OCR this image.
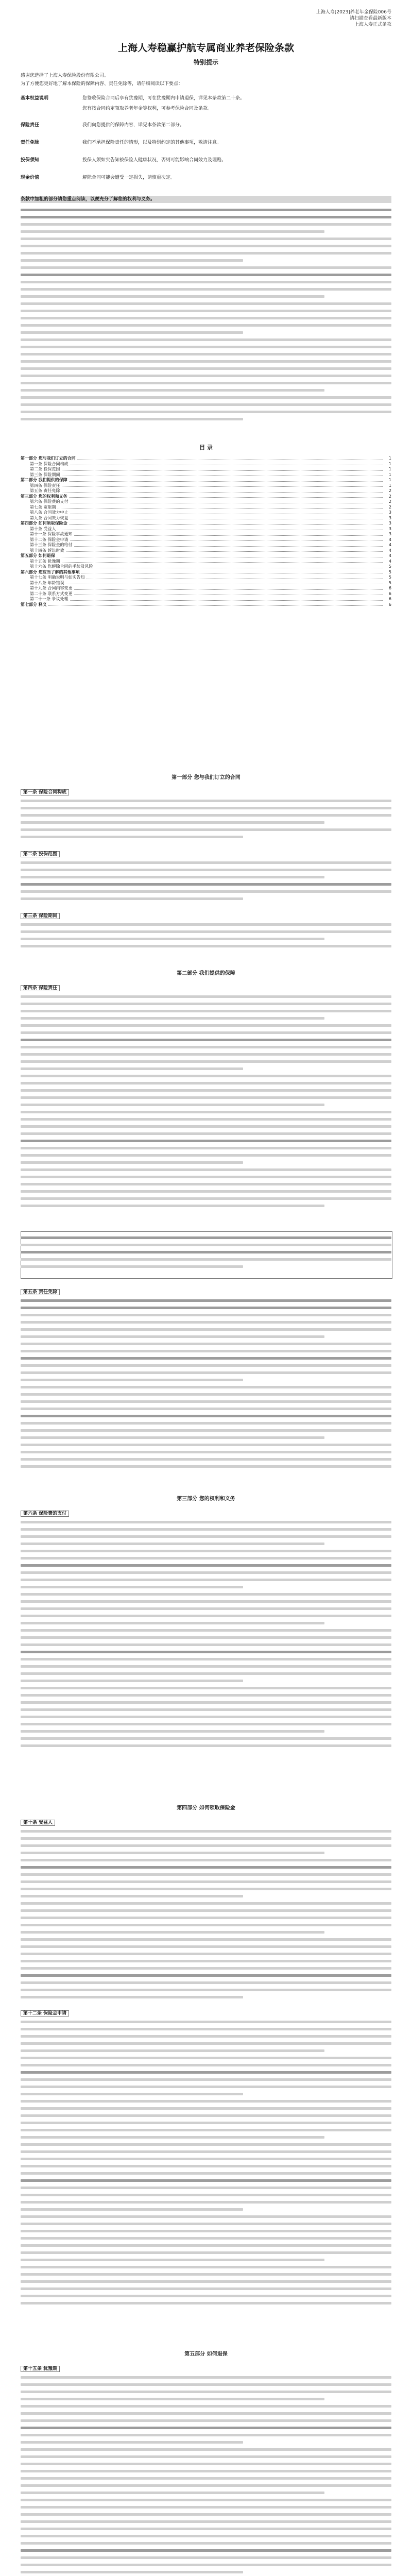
上海人寿[2023]养老年金保险006号
请扫描查看最新版本
上海人寿正式条款
上海人寿稳赢护航专属商业养老保险条款
特别提示
感谢您选择了上海人寿保险股份有限公司。
为了方便您更好地了解本保险的保障内容、责任免除等，请仔细阅读以下要点：
基本权益说明	您签收保险合同后享有犹豫期，可在犹豫期内申请退保，详见本条款第二十条。
您有按合同约定领取养老年金等权利，可参考保险合同及条款。
保险责任	我们向您提供的保障内容，详见本条款第二部分。
责任免除	我们不承担保险责任的情形，以及特别约定的其他事项，敬请注意。
投保须知	投保人须如实告知被保险人健康状况，否则可能影响合同效力及理赔。
现金价值	解除合同可能会遭受一定损失，请慎重决定。
条款中加粗的部分请您重点阅读，以便充分了解您的权利与义务。
目 录
第一部分 您与我们订立的合同	1
第一条 保险合同构成	1
第二条 投保范围	1
第三条 保险期间	1
第二部分 我们提供的保障	1
第四条 保险责任	1
第五条 责任免除	2
第三部分 您的权利和义务	2
第六条 保险费的支付	2
第七条 宽限期	2
第八条 合同效力中止	3
第九条 合同效力恢复	3
第四部分 如何领取保险金	3
第十条 受益人	3
第十一条 保险事故通知	3
第十二条 保险金申请	4
第十三条 保险金的给付	4
第十四条 诉讼时效	4
第五部分 如何退保	4
第十五条 犹豫期	4
第十六条 您解除合同的手续及风险	5
第六部分 您应当了解的其他事项	5
第十七条 明确说明与如实告知	5
第十八条 年龄错误	5
第十九条 合同内容变更	6
第二十条 联系方式变更	6
第二十一条 争议处理	6
第七部分 释义	6
第一部分 您与我们订立的合同
第一条 保险合同构成
第二条 投保范围
第三条 保险期间
第二部分 我们提供的保障
第四条 保险责任
第五条 责任免除
第三部分 您的权利和义务
第六条 保险费的支付
第四部分 如何领取保险金
第十条 受益人
第十二条 保险金申请
第五部分 如何退保
第十五条 犹豫期
